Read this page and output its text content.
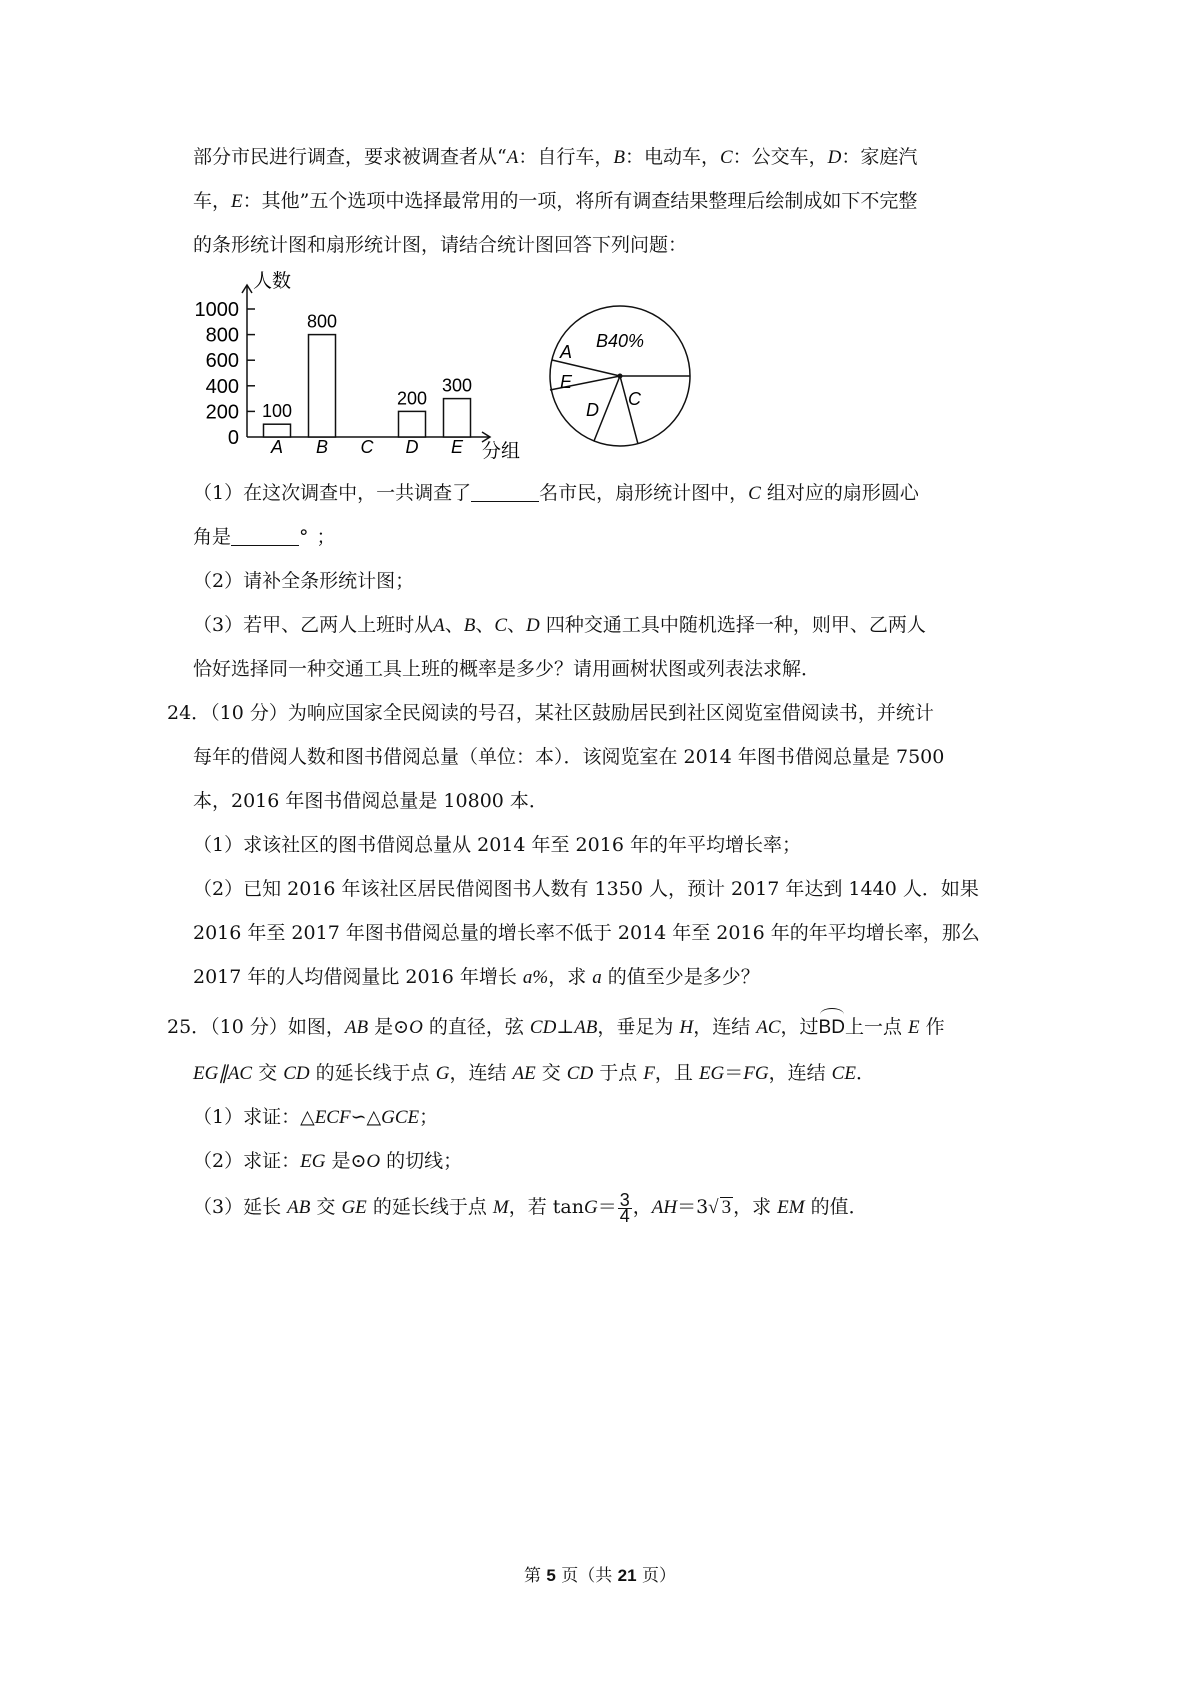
部分市民进行调查，要求被调查者从“A：自行车，B：电动车，C：公交车，D：家庭汽
车，E：其他”五个选项中选择最常用的一项，将所有调查结果整理后绘制成如下不完整
的条形统计图和扇形统计图，请结合统计图回答下列问题：
人数
分组
0
200
400
600
800
1000
A
100
B
800
C D
200
E
300
B40%
A
E
D
C
（1）在这次调查中，一共调查了	名市民，扇形统计图中，C 组对应的扇形圆心
角是	° ；
（2）请补全条形统计图；
（3）若甲、乙两人上班时从A、B、C、D 四种交通工具中随机选择一种，则甲、乙两人
恰好选择同一种交通工具上班的概率是多少？请用画树状图或列表法求解．
24．（10 分）为响应国家全民阅读的号召，某社区鼓励居民到社区阅览室借阅读书，并统计
每年的借阅人数和图书借阅总量（单位：本）．该阅览室在 2014 年图书借阅总量是 7500
本，2016 年图书借阅总量是 10800 本．
（1）求该社区的图书借阅总量从 2014 年至 2016 年的年平均增长率；
（2）已知 2016 年该社区居民借阅图书人数有 1350 人，预计 2017 年达到 1440 人．如果
2016 年至 2017 年图书借阅总量的增长率不低于 2014 年至 2016 年的年平均增长率，那么
2017 年的人均借阅量比 2016 年增长 a%，求 a 的值至少是多少？
25．（10 分）如图，AB 是⊙O 的直径，弦 CD⊥AB，垂足为 H，连结 AC，过BD上一点 E 作
EG∥AC 交 CD 的延长线于点 G，连结 AE 交 CD 于点 F，且 EG＝FG，连结 CE．
（1）求证：△ECF∽△GCE；
（2）求证：EG 是⊙O 的切线；
（3）延长 AB 交 GE 的延长线于点 M，若 $\tan G= \frac{3}{4}$ ，AH＝3√ 3 ，求 EM 的值．
第 5 页（共 21 页）
